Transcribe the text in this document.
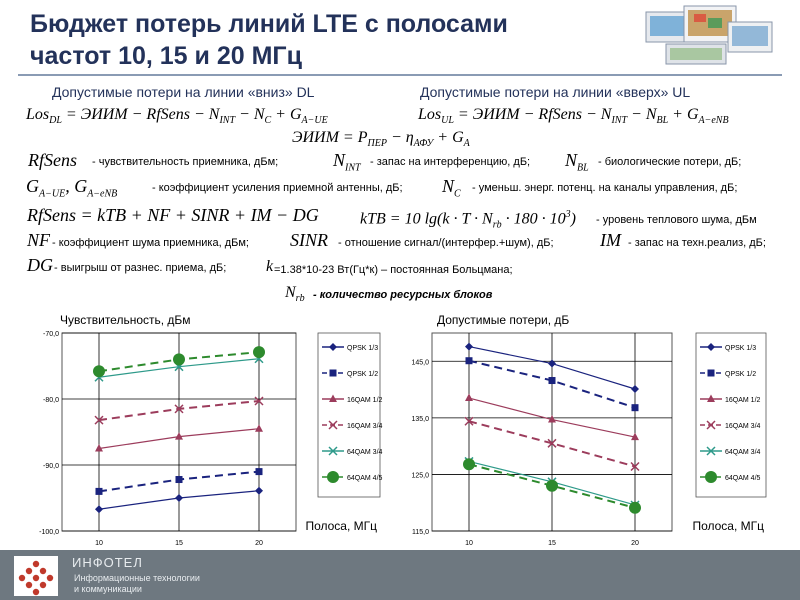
Бюджет потерь линий LTE с полосами
частот 10, 15 и 20 МГц
Допустимые потери на линии «вниз» DL	Допустимые потери на линии «вверх» UL
Los$_{DL}$ = ЭИИМ − RfSens − $N_{INT} - N_C + G_{A-UE}$	Los$_{UL}$ = ЭИИМ − RfSens − $N_{INT} - N_{BL} + G_{A-eNB}$
ЭИИМ = $P_{ПЕР} - \eta_{АФУ} + G_A$
RfSens - чувствительность приемника, дБм;	$N_{INT}$
- запас на интерференцию, дБ; $N_{BL}$
- биологические потери, дБ;
$G_{A-UE}$, $G_{A-eNB}$
- коэффициент усиления приемной антенны, дБ; $N_C$
- уменьш. энерг. потенц. на каналы управления, дБ;
RfSens = kTB + NF + SINR + IM − DG	kTB = 10 $\lg(k \cdot T \cdot N_{rb} \cdot 180 \cdot 10^3)$ - уровень теплового шума, дБм
NF - коэффициент шума приемника, дБм; SINR - отношение сигнал/(интерфер.+шум), дБ;	IM - запас на техн.реализ, дБ;
DG - выигрыш от разнес. приема, дБ; k =1.38*10-23 Вт(Гц*к) – постоянная Больцмана;
$N_{rb}$ - количество ресурсных блоков
Чувствительность, дБм	Допустимые потери, дБ
10	15	20
-70,0
-80,0
-90,0
-100,0
QPSK 1/3
QPSK 1/2
16QAM 1/2
16QAM 3/4
64QAM 3/4
64QAM 4/5
Полоса, МГц
10	15	20
145,0
135,0
125,0
115,0
QPSK 1/3
QPSK 1/2
16QAM 1/2
16QAM 3/4
64QAM 3/4
64QAM 4/5
Полоса, МГц
ИНФОТЕЛ
Информационные технологии
и коммуникации
